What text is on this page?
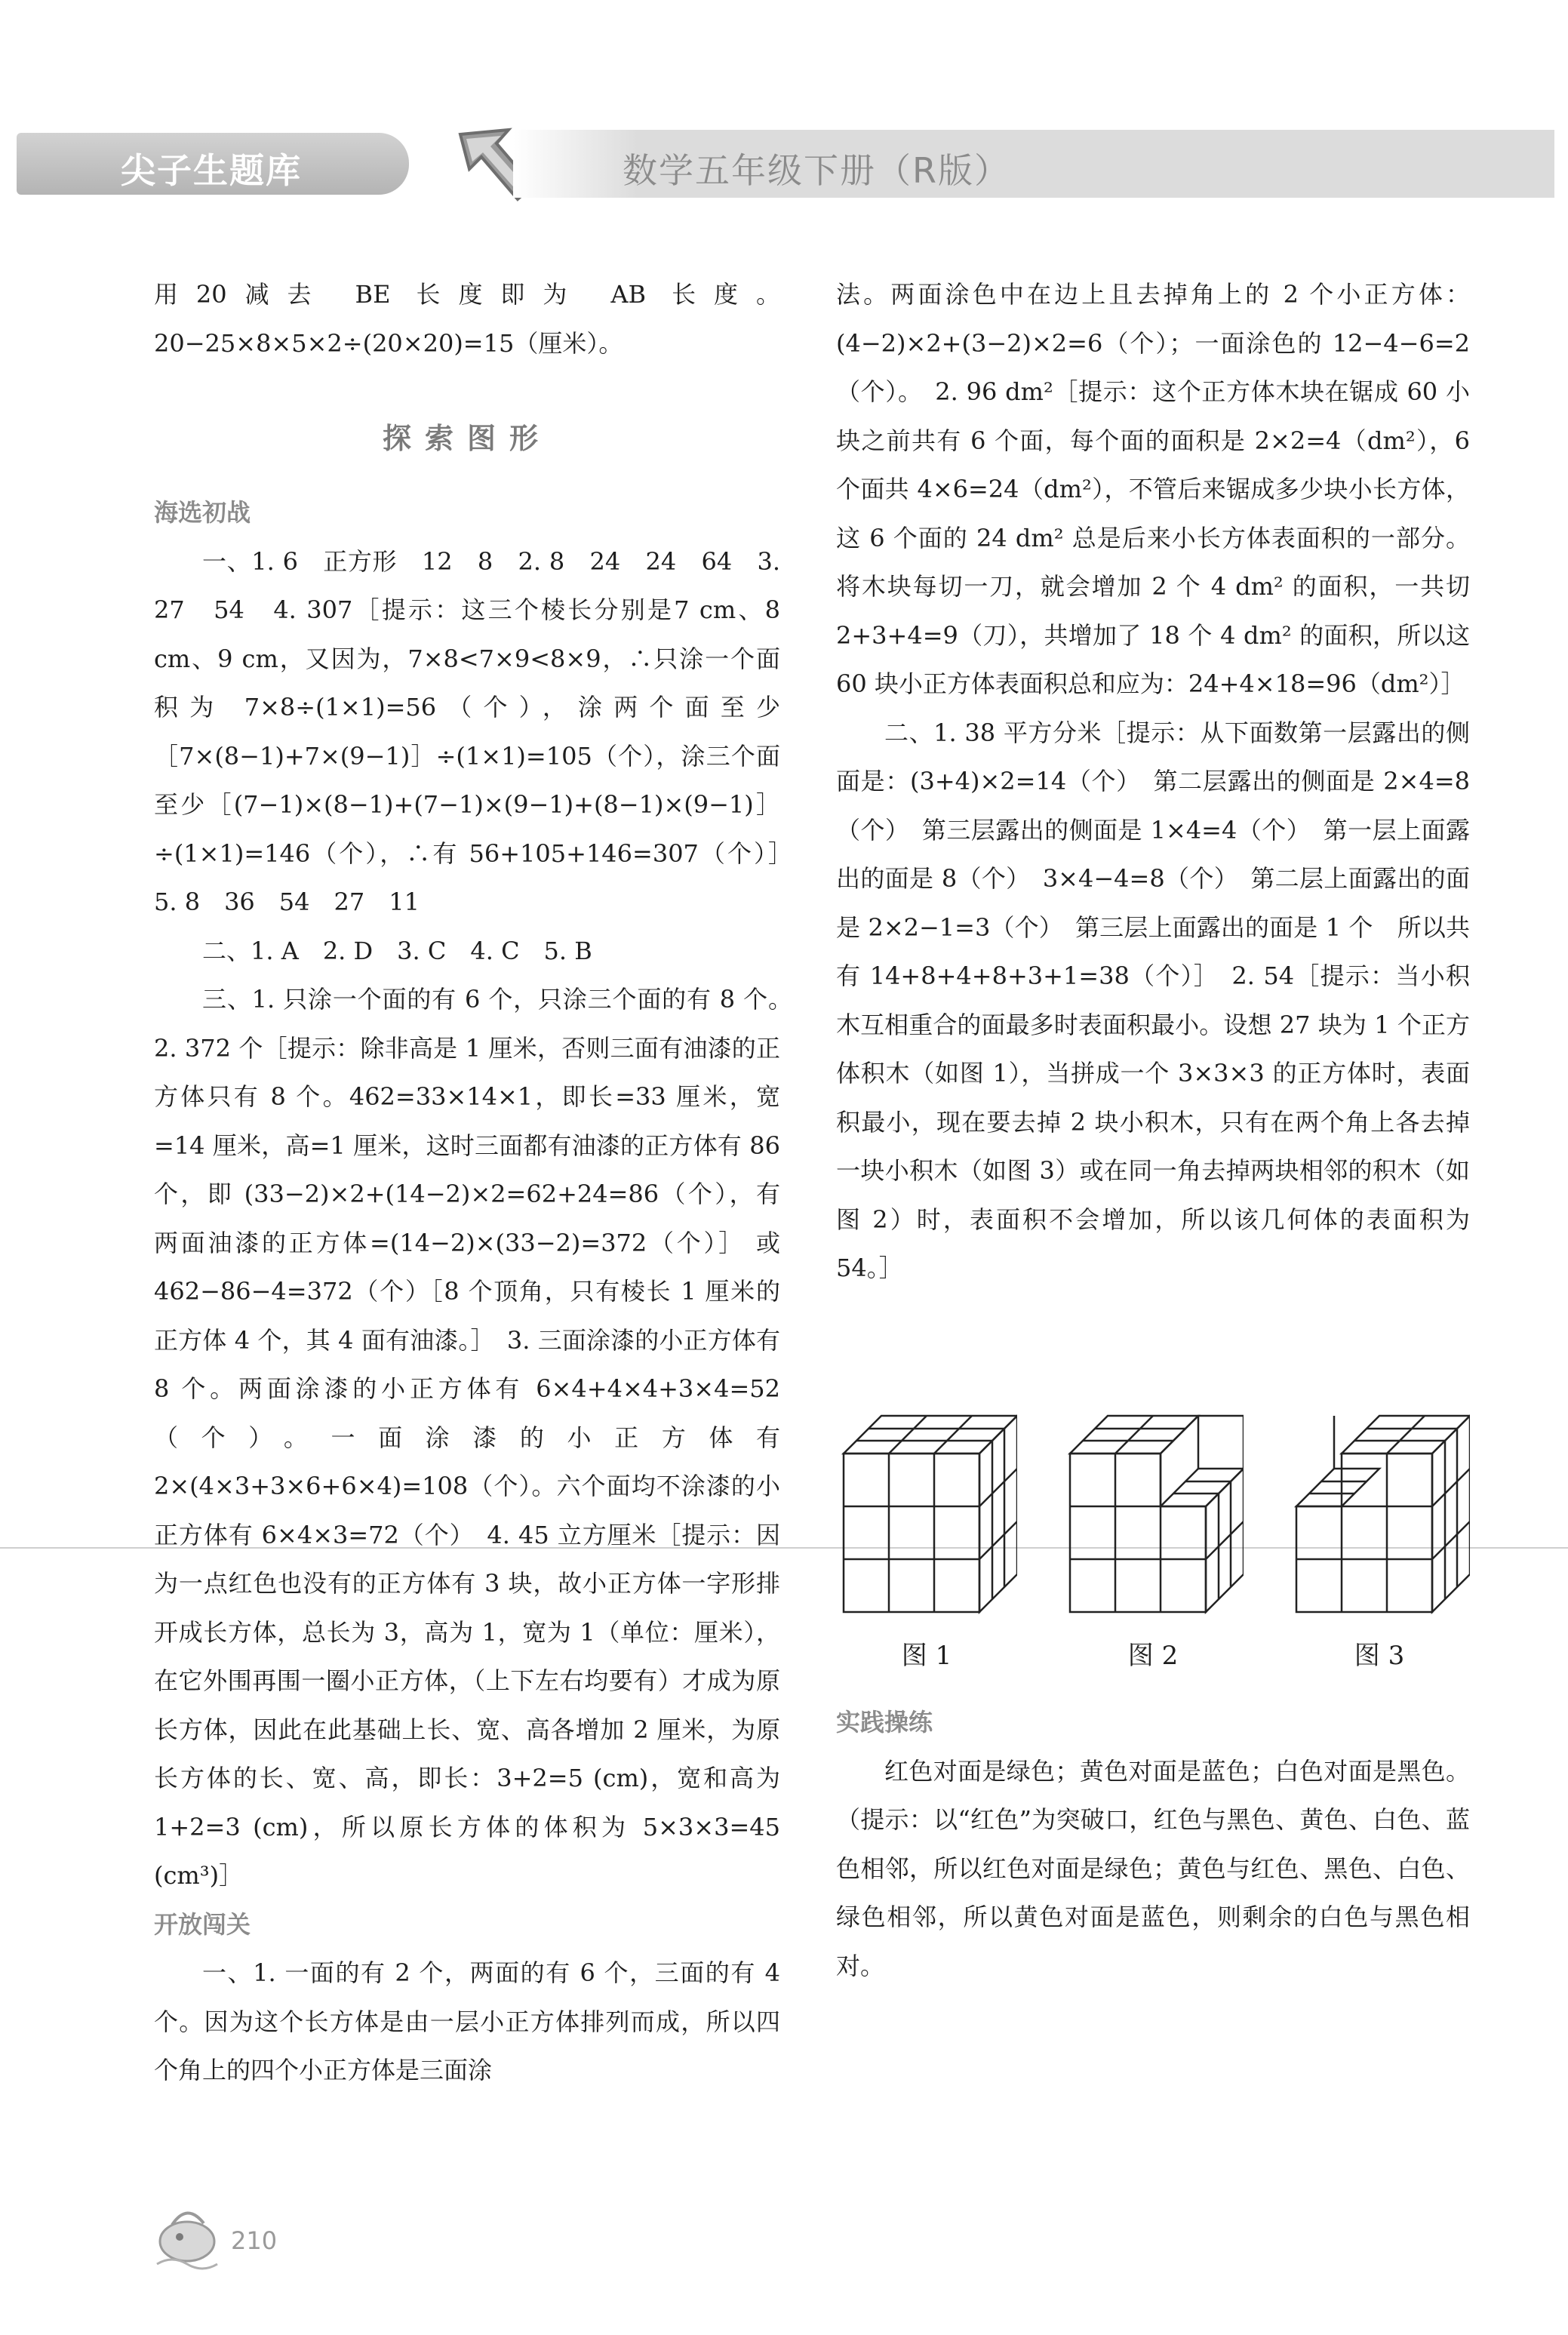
尖子生题库	数学五年级下册（R版）

用20减去 BE 长度即为 AB 长度。20−25×8×5×2÷(20×20)=15（厘米）。

探索图形

海选初战

一、1. 6　正方形　12　8　2. 8　24　24　64　3. 27　54　4. 307［提示：这三个棱长分别是7 cm、8 cm、9 cm，又因为，7×8<7×9<8×9，∴只涂一个面积为 7×8÷(1×1)=56（个），涂两个面至少［7×(8−1)+7×(9−1)］÷(1×1)=105（个），涂三个面至少［(7−1)×(8−1)+(7−1)×(9−1)+(8−1)×(9−1)］÷(1×1)=146（个），∴有 56+105+146=307（个）］　5. 8　36　54　27　11

二、1. A　2. D　3. C　4. C　5. B

三、1. 只涂一个面的有 6 个，只涂三个面的有 8 个。　2. 372 个［提示：除非高是 1 厘米，否则三面有油漆的正方体只有 8 个。462=33×14×1，即长=33 厘米，宽=14 厘米，高=1 厘米，这时三面都有油漆的正方体有 86 个，即 (33−2)×2+(14−2)×2=62+24=86（个），有两面油漆的正方体=(14−2)×(33−2)=372（个）］ 或 462−86−4=372（个）［8 个顶角，只有棱长 1 厘米的正方体 4 个，其 4 面有油漆。］　3. 三面涂漆的小正方体有 8 个。两面涂漆的小正方体有 6×4+4×4+3×4=52（个）。一面涂漆的小正方体有 2×(4×3+3×6+6×4)=108（个）。六个面均不涂漆的小正方体有 6×4×3=72（个）　4. 45 立方厘米［提示：因为一点红色也没有的正方体有 3 块，故小正方体一字形排开成长方体，总长为 3，高为 1，宽为 1（单位：厘米），在它外围再围一圈小正方体，（上下左右均要有）才成为原长方体，因此在此基础上长、宽、高各增加 2 厘米，为原长方体的长、宽、高，即长：3+2=5 (cm)，宽和高为 1+2=3 (cm)，所以原长方体的体积为 5×3×3=45 (cm³)］

开放闯关

一、1. 一面的有 2 个，两面的有 6 个，三面的有 4 个。因为这个长方体是由一层小正方体排列而成，所以四个角上的四个小正方体是三面涂

法。两面涂色中在边上且去掉角上的 2 个小正方体：(4−2)×2+(3−2)×2=6（个）；一面涂色的 12−4−6=2（个）。　2. 96 dm²［提示：这个正方体木块在锯成 60 小块之前共有 6 个面，每个面的面积是 2×2=4（dm²），6 个面共 4×6=24（dm²），不管后来锯成多少块小长方体，这 6 个面的 24 dm² 总是后来小长方体表面积的一部分。将木块每切一刀，就会增加 2 个 4 dm² 的面积，一共切 2+3+4=9（刀），共增加了 18 个 4 dm² 的面积，所以这 60 块小正方体表面积总和应为：24+4×18=96（dm²）］

二、1. 38 平方分米［提示：从下面数第一层露出的侧面是：(3+4)×2=14（个）　第二层露出的侧面是 2×4=8（个）　第三层露出的侧面是 1×4=4（个）　第一层上面露出的面是 8（个）　3×4−4=8（个）　第二层上面露出的面是 2×2−1=3（个）　第三层上面露出的面是 1 个　所以共有 14+8+4+8+3+1=38（个）］　2. 54［提示：当小积木互相重合的面最多时表面积最小。设想 27 块为 1 个正方体积木（如图 1），当拼成一个 3×3×3 的正方体时，表面积最小，现在要去掉 2 块小积木，只有在两个角上各去掉一块小积木（如图 3）或在同一角去掉两块相邻的积木（如图 2）时，表面积不会增加，所以该几何体的表面积为 54。］

图 1	图 2	图 3

实践操练

红色对面是绿色；黄色对面是蓝色；白色对面是黑色。（提示：以“红色”为突破口，红色与黑色、黄色、白色、蓝色相邻，所以红色对面是绿色；黄色与红色、黑色、白色、绿色相邻，所以黄色对面是蓝色，则剩余的白色与黑色相对。

210
